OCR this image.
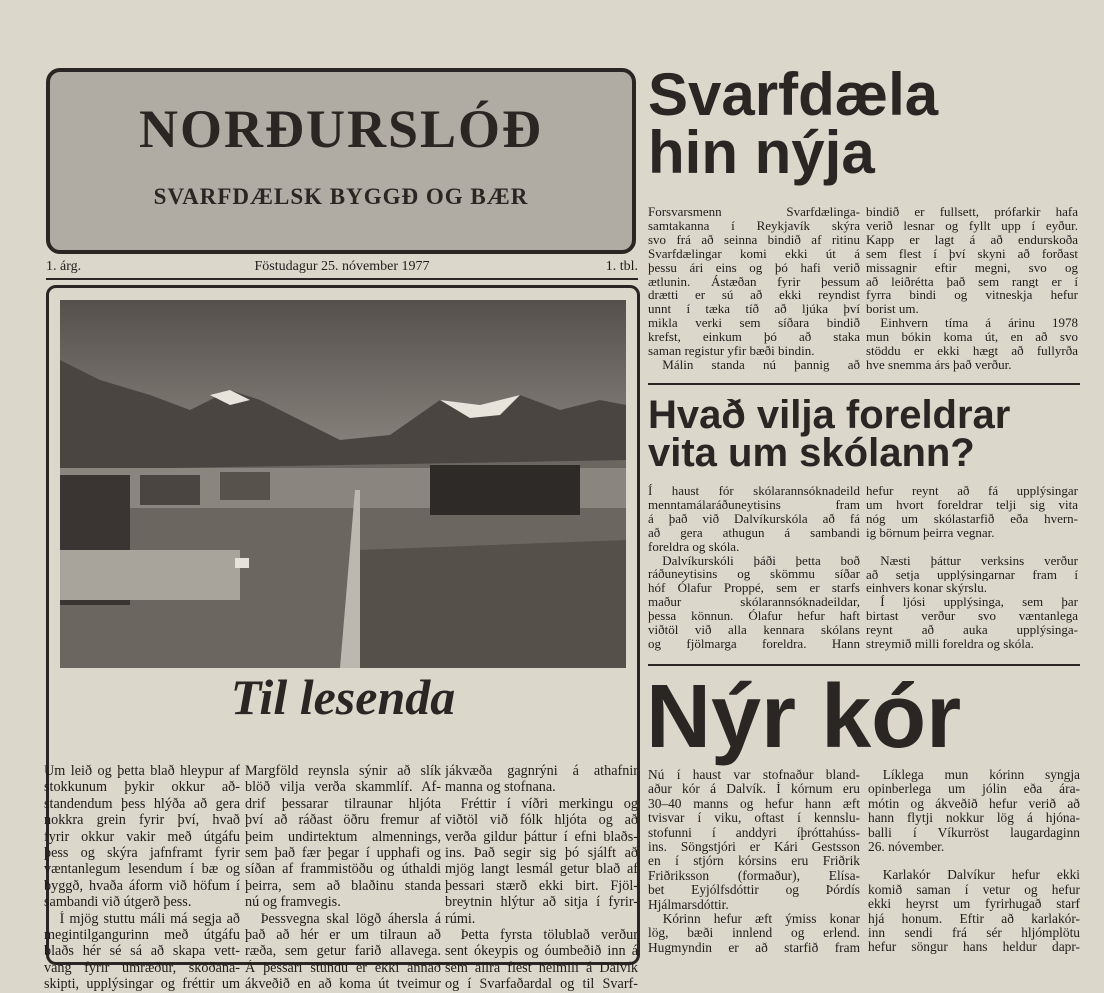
NORÐURSLÓÐ
SVARFDÆLSK BYGGÐ OG BÆR
1. árg.	Föstudagur 25. nóvember 1977	1. tbl.
Til lesenda
Um leið og þetta blað hleypur af
stokkunum þykir okkur að-
standendum þess hlýða að gera
nokkra grein fyrir því, hvað
fyrir okkur vakir með útgáfu
þess og skýra jafnframt fyrir
væntanlegum lesendum í bæ og
byggð, hvaða áform við höfum í
sambandi við útgerð þess.
Í mjög stuttu máli má segja að
megintilgangurinn með útgáfu
blaðs hér sé sá að skapa vett-
vang fyrir umræður, skoðana-
skipti, upplýsingar og fréttir um
Margföld reynsla sýnir að slík
blöð vilja verða skammlíf. Af-
drif þessarar tilraunar hljóta
því að ráðast öðru fremur af
þeim undirtektum almennings,
sem það fær þegar í upphafi og
síðan af frammistöðu og úthaldi
þeirra, sem að blaðinu standa
nú og framvegis.
Þessvegna skal lögð áhersla á
það að hér er um tilraun að
ræða, sem getur farið allavega.
Á þessari stundu er ekki annað
ákveðið en að koma út tveimur
jákvæða gagnrýni á athafnir
manna og stofnana.
Fréttir í víðri merkingu og
viðtöl við fólk hljóta og að
verða gildur þáttur í efni blaðs-
ins. Það segir sig þó sjálft að
mjög langt lesmál getur blað af
þessari stærð ekki birt. Fjöl-
breytnin hlýtur að sitja í fyrir-
rúmi.
Þetta fyrsta tölublað verður
sent ókeypis og óumbeðið inn á
sem allra flest heimili á Dalvík
og í Svarfaðardal og til Svarf-
Svarfdæla
hin nýja
Forsvarsmenn Svarfdælinga-
samtakanna í Reykjavík skýra
svo frá að seinna bindið af ritinu
Svarfdælingar komi ekki út á
þessu ári eins og þó hafi verið
ætlunin. Ástæðan fyrir þessum
drætti er sú að ekki reyndist
unnt í tæka tíð að ljúka því
mikla verki sem síðara bindið
krefst, einkum þó að staka
saman registur yfir bæði bindin.
Málin standa nú þannig að
bindið er fullsett, prófarkir hafa
verið lesnar og fyllt upp í eyður.
Kapp er lagt á að endurskoða
sem flest í því skyni að forðast
missagnir eftir megni, svo og
að leiðrétta það sem rangt er í
fyrra bindi og vitneskja hefur
borist um.
Einhvern tíma á árinu 1978
mun bókin koma út, en að svo
stöddu er ekki hægt að fullyrða
hve snemma árs það verður.
Hvað vilja foreldrar
vita um skólann?
Í haust fór skólarannsóknadeild
menntamálaráðuneytisins fram
á það við Dalvíkurskóla að fá
að gera athugun á sambandi
foreldra og skóla.
Dalvíkurskóli þáði þetta boð
ráðuneytisins og skömmu síðar
hóf Ólafur Proppé, sem er starfs
maður skólarannsóknadeildar,
þessa könnun. Ólafur hefur haft
viðtöl við alla kennara skólans
og fjölmarga foreldra. Hann
hefur reynt að fá upplýsingar
um hvort foreldrar telji sig vita
nóg um skólastarfið eða hvern-
ig börnum þeirra vegnar.
Næsti þáttur verksins verður
að setja upplýsingarnar fram í
einhvers konar skýrslu.
Í ljósi upplýsinga, sem þar
birtast verður svo væntanlega
reynt að auka upplýsinga-
streymið milli foreldra og skóla.
Nýr kór
Nú í haust var stofnaður bland-
aður kór á Dalvík. Í kórnum eru
30–40 manns og hefur hann æft
tvisvar í viku, oftast í kennslu-
stofunni í anddyri íþróttahúss-
ins. Söngstjóri er Kári Gestsson
en í stjórn kórsins eru Friðrik
Friðriksson (formaður), Elísa-
bet Eyjólfsdóttir og Þórdís
Hjálmarsdóttir.
Kórinn hefur æft ýmiss konar
lög, bæði innlend og erlend.
Hugmyndin er að starfið fram
Líklega mun kórinn syngja
opinberlega um jólin eða ára-
mótin og ákveðið hefur verið að
hann flytji nokkur lög á hjóna-
balli í Víkurröst laugardaginn
26. nóvember.
Karlakór Dalvíkur hefur ekki
komið saman í vetur og hefur
ekki heyrst um fyrirhugað starf
hjá honum. Eftir að karlakór-
inn sendi frá sér hljómplötu
hefur söngur hans heldur dapr-
